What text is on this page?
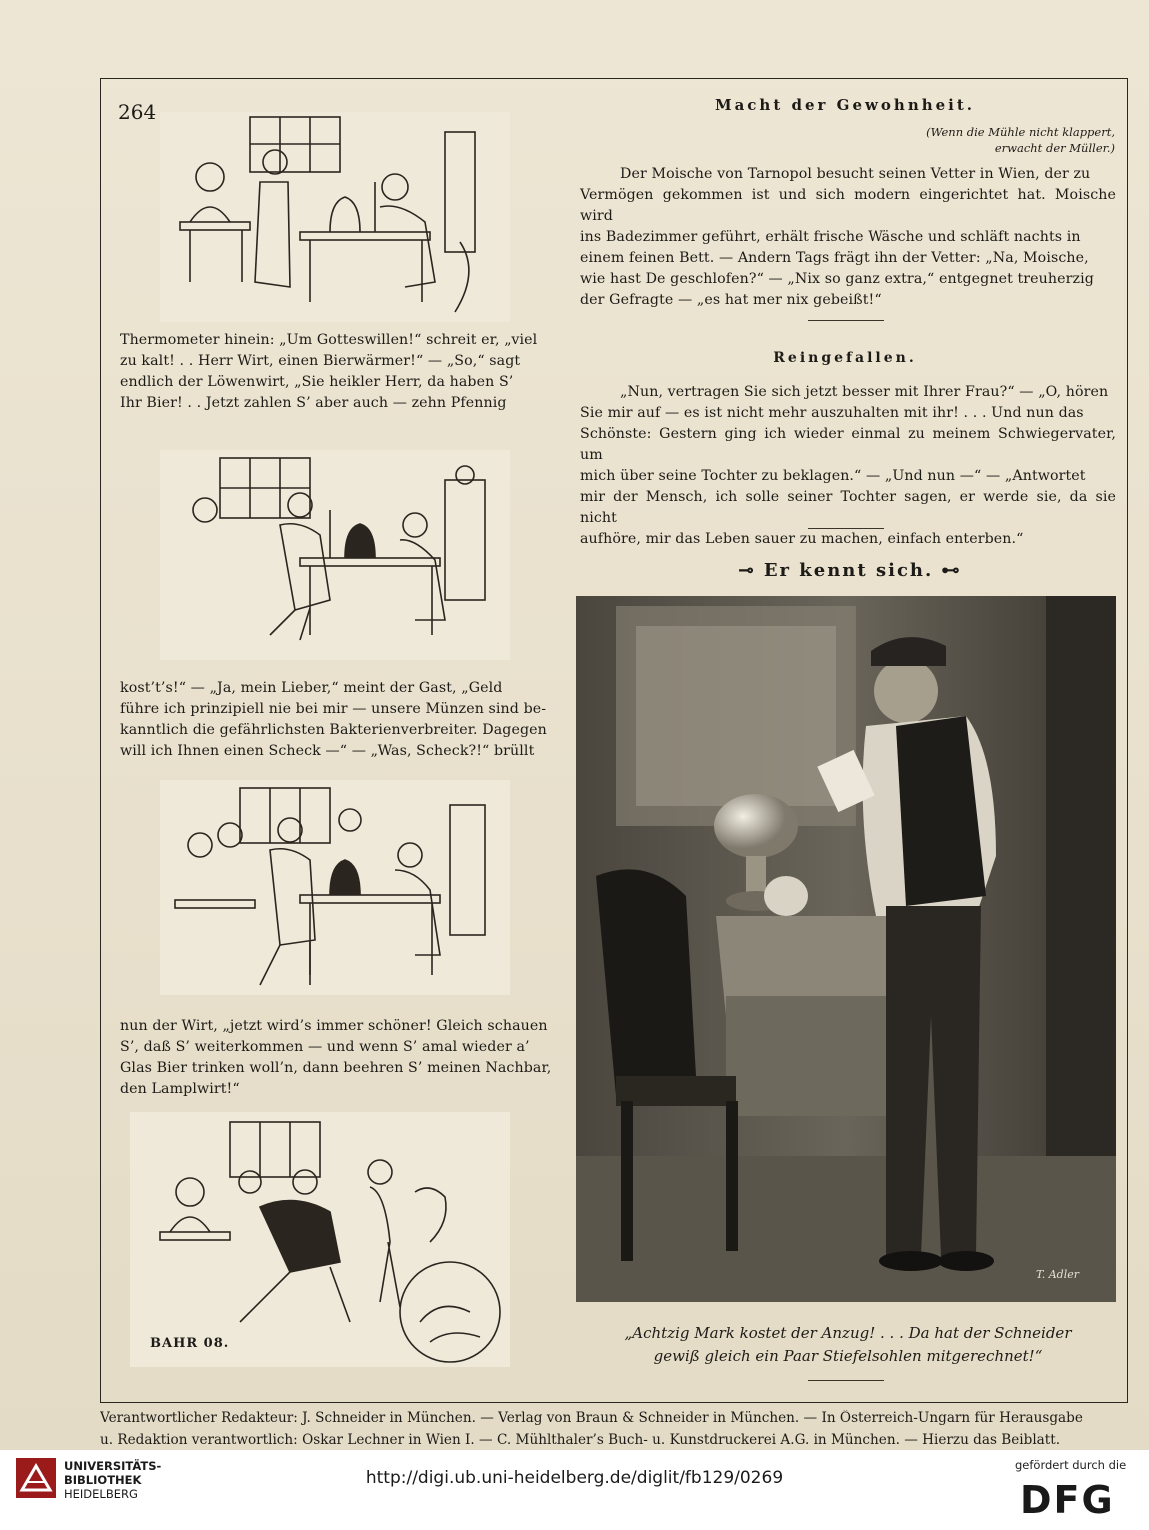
264
Thermometer hinein: „Um Gotteswillen!“ schreit er, „viel
zu kalt! . . Herr Wirt, einen Bierwärmer!“ — „So,“ sagt
endlich der Löwenwirt, „Sie heikler Herr, da haben S’
Ihr Bier! . . Jetzt zahlen S’ aber auch — zehn Pfennig
kost’t’s!“ — „Ja, mein Lieber,“ meint der Gast, „Geld
führe ich prinzipiell nie bei mir — unsere Münzen sind be-
kanntlich die gefährlichsten Bakterienverbreiter. Dagegen
will ich Ihnen einen Scheck —“ — „Was, Scheck?!“ brüllt
nun der Wirt, „jetzt wird’s immer schöner! Gleich schauen
S’, daß S’ weiterkommen — und wenn S’ amal wieder a’
Glas Bier trinken woll’n, dann beehren S’ meinen Nachbar,
den Lamplwirt!“
BAHR 08.
Macht der Gewohnheit.
(Wenn die Mühle nicht klappert,
erwacht der Müller.)
Der Moische von Tarnopol besucht seinen Vetter in Wien, der zu
Vermögen gekommen ist und sich modern eingerichtet hat. Moische wird
ins Badezimmer geführt, erhält frische Wäsche und schläft nachts in
einem feinen Bett. — Andern Tags frägt ihn der Vetter: „Na, Moische,
wie hast De geschlofen?“ — „Nix so ganz extra,“ entgegnet treuherzig
der Gefragte — „es hat mer nix gebeißt!“
Reingefallen.
„Nun, vertragen Sie sich jetzt besser mit Ihrer Frau?“ — „O, hören
Sie mir auf — es ist nicht mehr auszuhalten mit ihr! . . . Und nun das
Schönste: Gestern ging ich wieder einmal zu meinem Schwiegervater, um
mich über seine Tochter zu beklagen.“ — „Und nun —“ — „Antwortet
mir der Mensch, ich solle seiner Tochter sagen, er werde sie, da sie nicht
aufhöre, mir das Leben sauer zu machen, einfach enterben.“
⊸ Er kennt sich. ⊷
T. Adler
„Achtzig Mark kostet der Anzug! . . . Da hat der Schneider
gewiß gleich ein Paar Stiefelsohlen mitgerechnet!“
Verantwortlicher Redakteur: J. Schneider in München. — Verlag von Braun & Schneider in München. — In Österreich-Ungarn für Herausgabe
u. Redaktion verantwortlich: Oskar Lechner in Wien I. — C. Mühlthaler’s Buch- u. Kunstdruckerei A.G. in München. — Hierzu das Beiblatt.
UNIVERSITÄTS-
BIBLIOTHEK
HEIDELBERG
http://digi.ub.uni-heidelberg.de/diglit/fb129/0269
gefördert durch die
DFG
